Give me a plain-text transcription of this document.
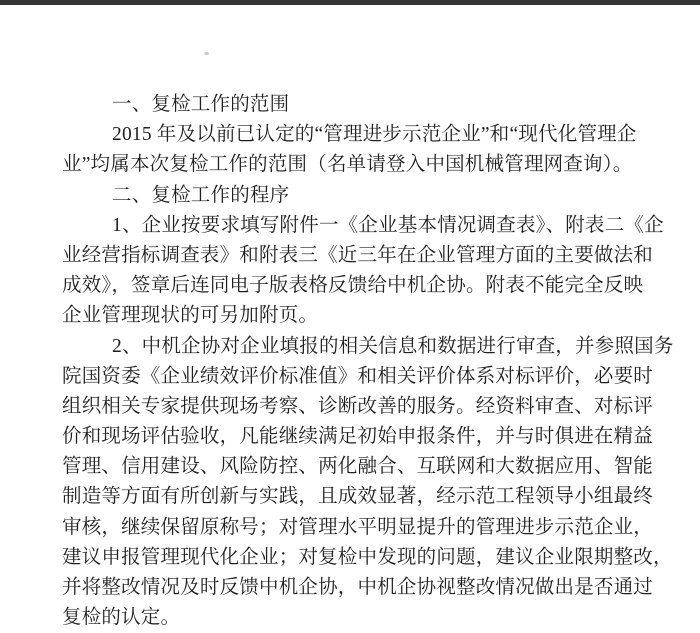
一、复检工作的范围
2015 年及以前已认定的“管理进步示范企业”和“现代化管理企
业”均属本次复检工作的范围（名单请登入中国机械管理网查询）。
二、复检工作的程序
1、企业按要求填写附件一《企业基本情况调查表》、附表二《企
业经营指标调查表》和附表三《近三年在企业管理方面的主要做法和
成效》，签章后连同电子版表格反馈给中机企协。附表不能完全反映
企业管理现状的可另加附页。
2、中机企协对企业填报的相关信息和数据进行审查，并参照国务
院国资委《企业绩效评价标准值》和相关评价体系对标评价，必要时
组织相关专家提供现场考察、诊断改善的服务。经资料审查、对标评
价和现场评估验收，凡能继续满足初始申报条件，并与时俱进在精益
管理、信用建设、风险防控、两化融合、互联网和大数据应用、智能
制造等方面有所创新与实践，且成效显著，经示范工程领导小组最终
审核，继续保留原称号；对管理水平明显提升的管理进步示范企业，
建议申报管理现代化企业；对复检中发现的问题，建议企业限期整改，
并将整改情况及时反馈中机企协，中机企协视整改情况做出是否通过
复检的认定。
